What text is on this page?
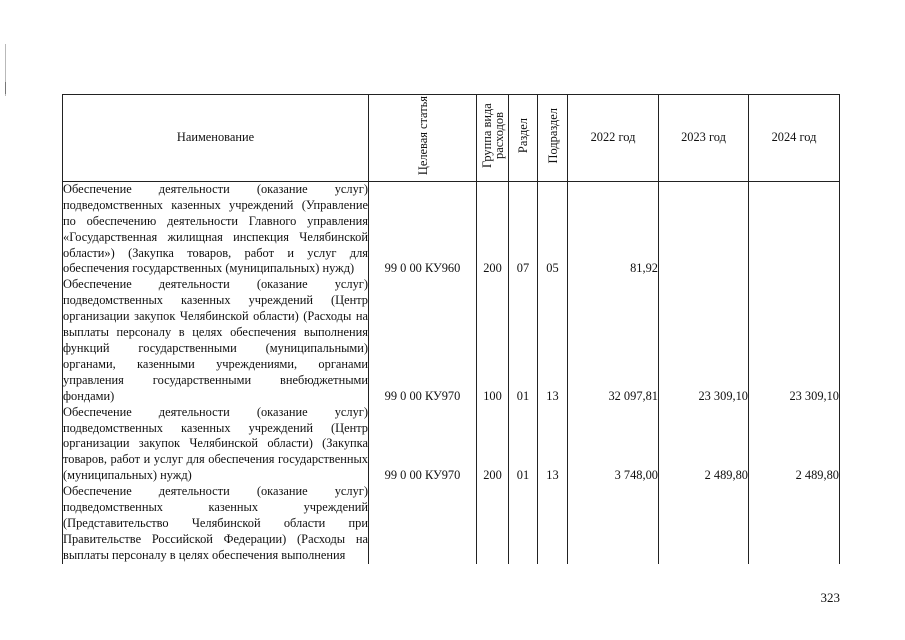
Наименование	Целевая статья	Группа вида расходов	Раздел	Подраздел	2022 год	2023 год	2024 год

Обеспечение деятельности (оказание услуг) подведомственных казенных учреждений (Управление по обеспечению деятельности Главного управления «Государственная жилищная инспекция Челябинской области») (Закупка товаров, работ и услуг для обеспечения государственных (муниципальных) нужд)	99 0 00 КУ960	200	07	05	81,92		

Обеспечение деятельности (оказание услуг) подведомственных казенных учреждений (Центр организации закупок Челябинской области) (Расходы на выплаты персоналу в целях обеспечения выполнения функций государственными (муниципальными) органами, казенными учреждениями, органами управления государственными внебюджетными фондами)	99 0 00 КУ970	100	01	13	32 097,81	23 309,10	23 309,10

Обеспечение деятельности (оказание услуг) подведомственных казенных учреждений (Центр организации закупок Челябинской области) (Закупка товаров, работ и услуг для обеспечения государственных (муниципальных) нужд)	99 0 00 КУ970	200	01	13	3 748,00	2 489,80	2 489,80

Обеспечение деятельности (оказание услуг) подведомственных казенных учреждений (Представительство Челябинской области при Правительстве Российской Федерации) (Расходы на выплаты персоналу в целях обеспечения выполнения							

323
